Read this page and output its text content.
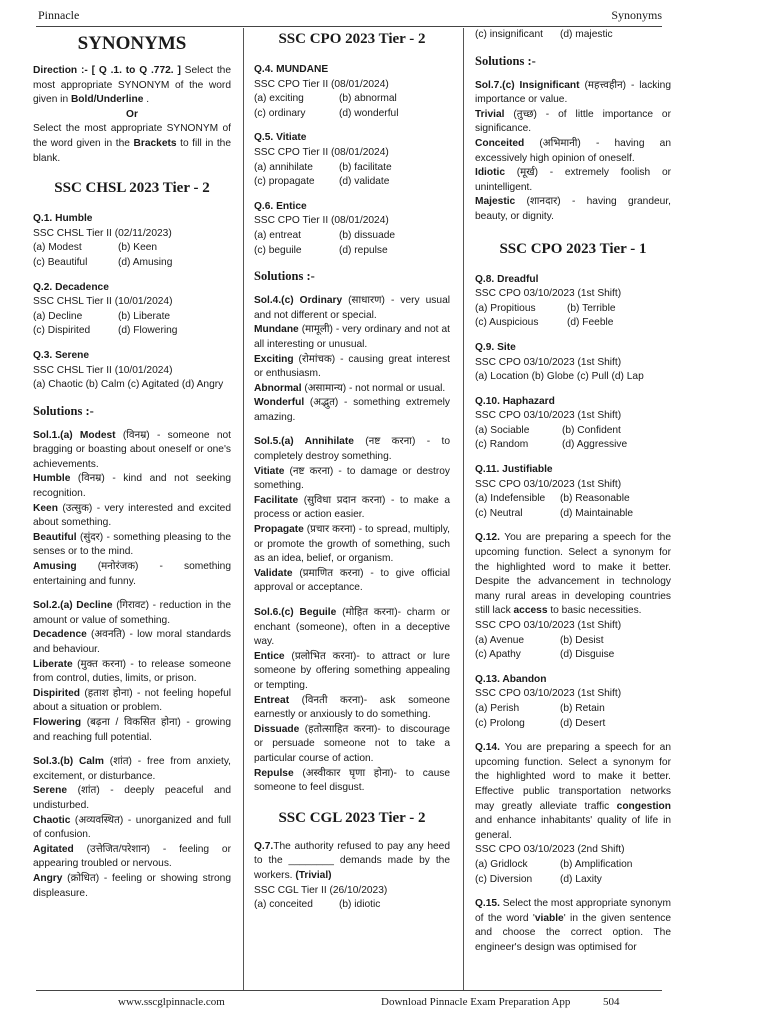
Pinnacle	Synonyms
SYNONYMS

Direction :- [ Q .1. to Q .772. ] Select the most appropriate SYNONYM of the word given in Bold/Underline .

Or

Select the most appropriate SYNONYM of the word given in the Brackets to fill in the blank.

SSC CHSL 2023 Tier - 2

Q.1. Humble

SSC CHSL Tier II (02/11/2023)

(a) Modest	(b) Keen
(c) Beautiful	(d) Amusing

Q.2. Decadence

SSC CHSL Tier II (10/01/2024)

(a) Decline	(b) Liberate
(c) Dispirited	(d) Flowering

Q.3. Serene

SSC CHSL Tier II (10/01/2024)

(a) Chaotic (b) Calm (c) Agitated (d) Angry

Solutions :-

Sol.1.(a) Modest (विनम्र) - someone not bragging or boasting about oneself or one's achievements.

Humble (विनम्र) - kind and not seeking recognition.

Keen (उत्सुक) - very interested and excited about something.

Beautiful (सुंदर) - something pleasing to the senses or to the mind.

Amusing (मनोरंजक) - something entertaining and funny.

Sol.2.(a) Decline (गिरावट) - reduction in the amount or value of something.

Decadence (अवनति) - low moral standards and behaviour.

Liberate (मुक्त करना) - to release someone from control, duties, limits, or prison.

Dispirited (हताश होना) - not feeling hopeful about a situation or problem.

Flowering (बढ़ना / विकसित होना) - growing and reaching full potential.

Sol.3.(b) Calm (शांत) - free from anxiety, excitement, or disturbance.

Serene (शांत) - deeply peaceful and undisturbed.

Chaotic (अव्यवस्थित) - unorganized and full of confusion.

Agitated (उत्तेजित/परेशान) - feeling or appearing troubled or nervous.

Angry (क्रोधित) - feeling or showing strong displeasure.

SSC CPO 2023 Tier - 2

Q.4. MUNDANE

SSC CPO Tier II (08/01/2024)

(a) exciting	(b) abnormal
(c) ordinary	(d) wonderful

Q.5. Vitiate

SSC CPO Tier II (08/01/2024)

(a) annihilate	(b) facilitate
(c) propagate	(d) validate

Q.6. Entice

SSC CPO Tier II (08/01/2024)

(a) entreat	(b) dissuade
(c) beguile	(d) repulse
Solutions :-

Sol.4.(c) Ordinary (साधारण) - very usual and not different or special.

Mundane (मामूली) - very ordinary and not at all interesting or unusual.

Exciting (रोमांचक) - causing great interest or enthusiasm.

Abnormal (असामान्य) - not normal or usual.

Wonderful (अद्भुत) - something extremely amazing.

Sol.5.(a) Annihilate (नष्ट करना) - to completely destroy something.

Vitiate (नष्ट करना) - to damage or destroy something.

Facilitate (सुविधा प्रदान करना) - to make a process or action easier.

Propagate (प्रचार करना) - to spread, multiply, or promote the growth of something, such as an idea, belief, or organism.

Validate (प्रमाणित करना) - to give official approval or acceptance.

Sol.6.(c) Beguile (मोहित करना)- charm or enchant (someone), often in a deceptive way.

Entice (प्रलोभित करना)- to attract or lure someone by offering something appealing or tempting.

Entreat (विनती करना)- ask someone earnestly or anxiously to do something.

Dissuade (हतोत्साहित करना)- to discourage or persuade someone not to take a particular course of action.

Repulse (अस्वीकार घृणा होना)- to cause someone to feel disgust.

SSC CGL 2023 Tier - 2

Q.7.The authority refused to pay any heed to the ________ demands made by the workers. (Trivial)

SSC CGL Tier II (26/10/2023)

(a) conceited	(b) idiotic
(c) insignificant	(d) majestic
Solutions :-

Sol.7.(c) Insignificant (महत्त्वहीन) - lacking importance or value.

Trivial (तुच्छ) - of little importance or significance.

Conceited (अभिमानी) - having an excessively high opinion of oneself.

Idiotic (मूर्ख) - extremely foolish or unintelligent.

Majestic (शानदार) - having grandeur, beauty, or dignity.

SSC CPO 2023 Tier - 1

Q.8. Dreadful

SSC CPO 03/10/2023 (1st Shift)

(a) Propitious	(b) Terrible
(c) Auspicious	(d) Feeble

Q.9. Site

SSC CPO 03/10/2023 (1st Shift)

(a) Location (b) Globe (c) Pull (d) Lap

Q.10. Haphazard

SSC CPO 03/10/2023 (1st Shift)

(a) Sociable	(b) Confident
(c) Random	(d) Aggressive

Q.11. Justifiable

SSC CPO 03/10/2023 (1st Shift)

(a) Indefensible	(b) Reasonable
(c) Neutral	(d) Maintainable

Q.12. You are preparing a speech for the upcoming function. Select a synonym for the highlighted word to make it better. Despite the advancement in technology many rural areas in developing countries still lack access to basic necessities.

SSC CPO 03/10/2023 (1st Shift)

(a) Avenue	(b) Desist
(c) Apathy	(d) Disguise

Q.13. Abandon

SSC CPO 03/10/2023 (1st Shift)

(a) Perish	(b) Retain
(c) Prolong	(d) Desert

Q.14. You are preparing a speech for an upcoming function. Select a synonym for the highlighted word to make it better. Effective public transportation networks may greatly alleviate traffic congestion and enhance inhabitants' quality of life in general.

SSC CPO 03/10/2023 (2nd Shift)

(a) Gridlock	(b) Amplification
(c) Diversion	(d) Laxity

Q.15. Select the most appropriate synonym of the word 'viable' in the given sentence and choose the correct option. The engineer's design was optimised for

www.sscglpinnacle.com	Download Pinnacle Exam Preparation App	504
